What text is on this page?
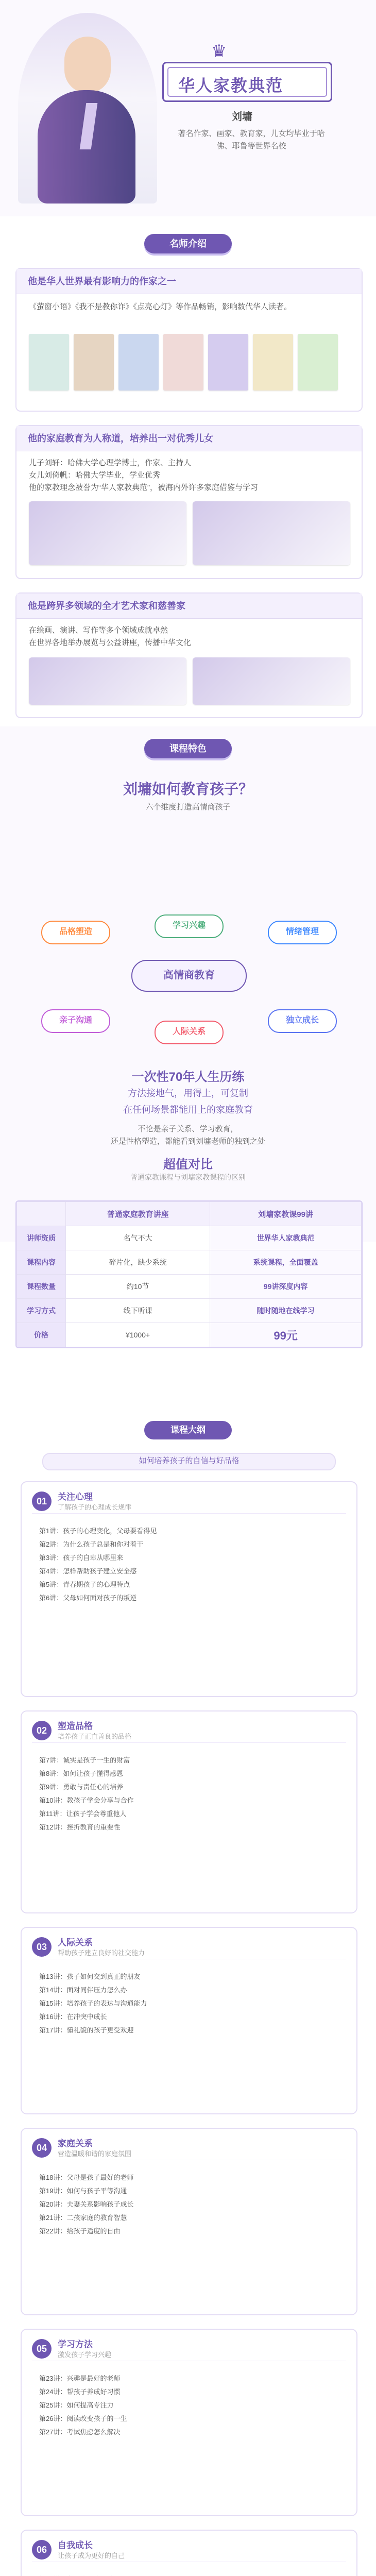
♛
华人家教典范
刘墉
著名作家、画家、教育家，儿女均毕业于哈佛、耶鲁等世界名校
名师介绍
他是华人世界最有影响力的作家之一
《萤窗小语》《我不是教你诈》《点亮心灯》等作品畅销，影响数代华人读者。
他的家庭教育为人称道，培养出一对优秀儿女
儿子刘轩：哈佛大学心理学博士，作家、主持人
女儿刘倚帆：哈佛大学毕业，学业优秀
他的家教理念被誉为“华人家教典范”，被海内外许多家庭借鉴与学习
他是跨界多领域的全才艺术家和慈善家
在绘画、演讲、写作等多个领域成就卓然
在世界各地举办展览与公益讲座，传播中华文化
课程特色
刘墉如何教育孩子？
六个维度打造高情商孩子
品格塑造
学习兴趣
情绪管理
亲子沟通
人际关系
独立成长
高情商教育
一次性70年人生历练
方法接地气，用得上，可复制
在任何场景都能用上的家庭教育
不论是亲子关系、学习教育，
还是性格塑造，都能看到刘墉老师的独到之处
超值对比
普通家教课程与刘墉家教课程的区别
	普通家庭教育讲座	刘墉家教课99讲
讲师资质	名气不大	世界华人家教典范
课程内容	碎片化，缺少系统	系统课程，全面覆盖
课程数量	约10节	99讲深度内容
学习方式	线下听课	随时随地在线学习
价格	¥1000+	99元
课程大纲
如何培养孩子的自信与好品格
01	关注心理
了解孩子的心理成长规律
第1讲：孩子的心理变化，父母要看得见
第2讲：为什么孩子总是和你对着干
第3讲：孩子的自卑从哪里来
第4讲：怎样帮助孩子建立安全感
第5讲：青春期孩子的心理特点
第6讲：父母如何面对孩子的叛逆
02	塑造品格
培养孩子正直善良的品格
第7讲：诚实是孩子一生的财富
第8讲：如何让孩子懂得感恩
第9讲：勇敢与责任心的培养
第10讲：教孩子学会分享与合作
第11讲：让孩子学会尊重他人
第12讲：挫折教育的重要性
03	人际关系
帮助孩子建立良好的社交能力
第13讲：孩子如何交到真正的朋友
第14讲：面对同伴压力怎么办
第15讲：培养孩子的表达与沟通能力
第16讲：在冲突中成长
第17讲：懂礼貌的孩子更受欢迎
04	家庭关系
营造温暖和谐的家庭氛围
第18讲：父母是孩子最好的老师
第19讲：如何与孩子平等沟通
第20讲：夫妻关系影响孩子成长
第21讲：二孩家庭的教育智慧
第22讲：给孩子适度的自由
05	学习方法
激发孩子学习兴趣
第23讲：兴趣是最好的老师
第24讲：帮孩子养成好习惯
第25讲：如何提高专注力
第26讲：阅读改变孩子的一生
第27讲：考试焦虑怎么解决
06	自我成长
让孩子成为更好的自己
